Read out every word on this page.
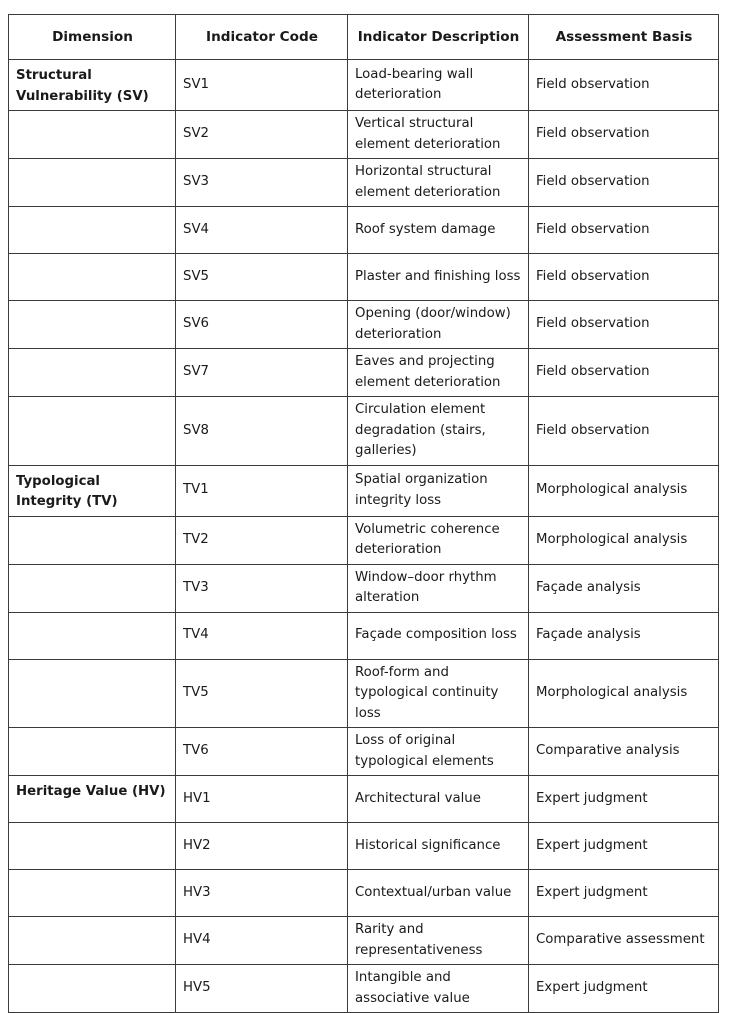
Dimension	Indicator Code	Indicator Description	Assessment Basis
Structural Vulnerability (SV)	SV1	Load-bearing wall deterioration	Field observation
	SV2	Vertical structural element deterioration	Field observation
	SV3	Horizontal structural element deterioration	Field observation
	SV4	Roof system damage	Field observation
	SV5	Plaster and finishing loss	Field observation
	SV6	Opening (door/window) deterioration	Field observation
	SV7	Eaves and projecting element deterioration	Field observation
	SV8	Circulation element degradation (stairs, galleries)	Field observation
Typological Integrity (TV)	TV1	Spatial organization integrity loss	Morphological analysis
	TV2	Volumetric coherence deterioration	Morphological analysis
	TV3	Window–door rhythm alteration	Façade analysis
	TV4	Façade composition loss	Façade analysis
	TV5	Roof-form and typological continuity loss	Morphological analysis
	TV6	Loss of original typological elements	Comparative analysis
Heritage Value (HV)	HV1	Architectural value	Expert judgment
	HV2	Historical significance	Expert judgment
	HV3	Contextual/urban value	Expert judgment
	HV4	Rarity and representativeness	Comparative assessment
	HV5	Intangible and associative value	Expert judgment
